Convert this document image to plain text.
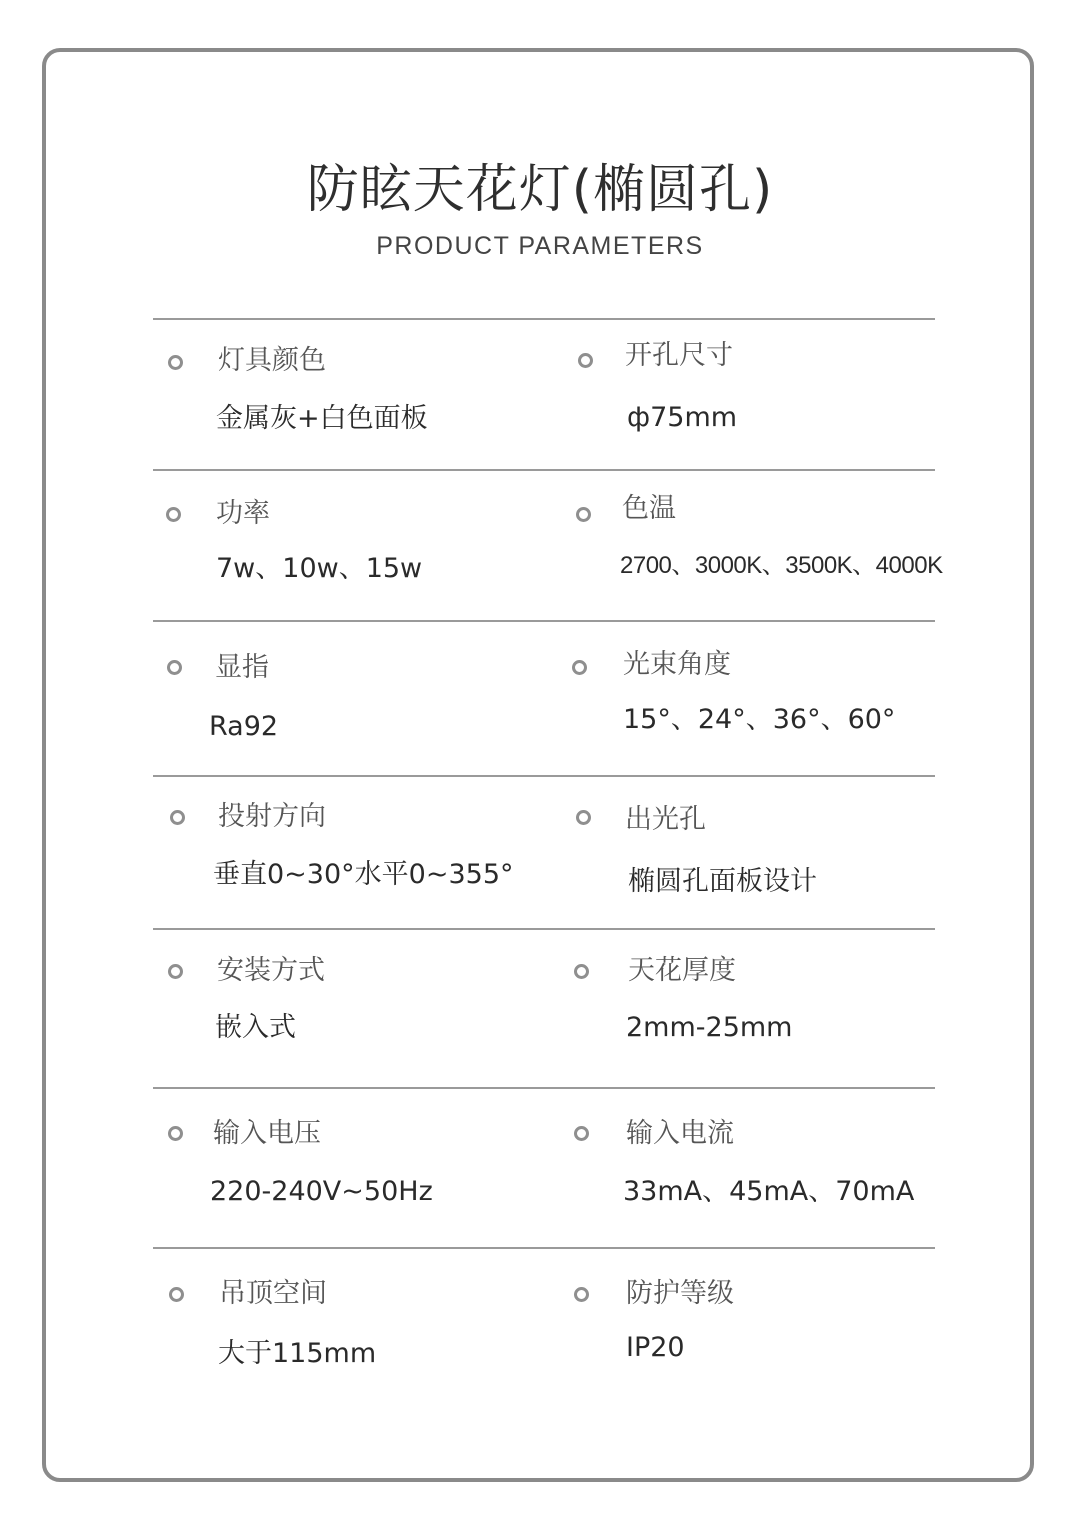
防眩天花灯(椭圆孔)
PRODUCT PARAMETERS
灯具颜色
金属灰+白色面板
开孔尺寸
ф75mm
功率
7w、10w、15w
色温
2700、3000K、3500K、4000K
显指
Ra92
光束角度
15°、24°、36°、60°
投射方向
垂直0~30°水平0~355°
出光孔
椭圆孔面板设计
安装方式
嵌入式
天花厚度
2mm-25mm
输入电压
220-240V~50Hz
输入电流
33mA、45mA、70mA
吊顶空间
大于115mm
防护等级
IP20
